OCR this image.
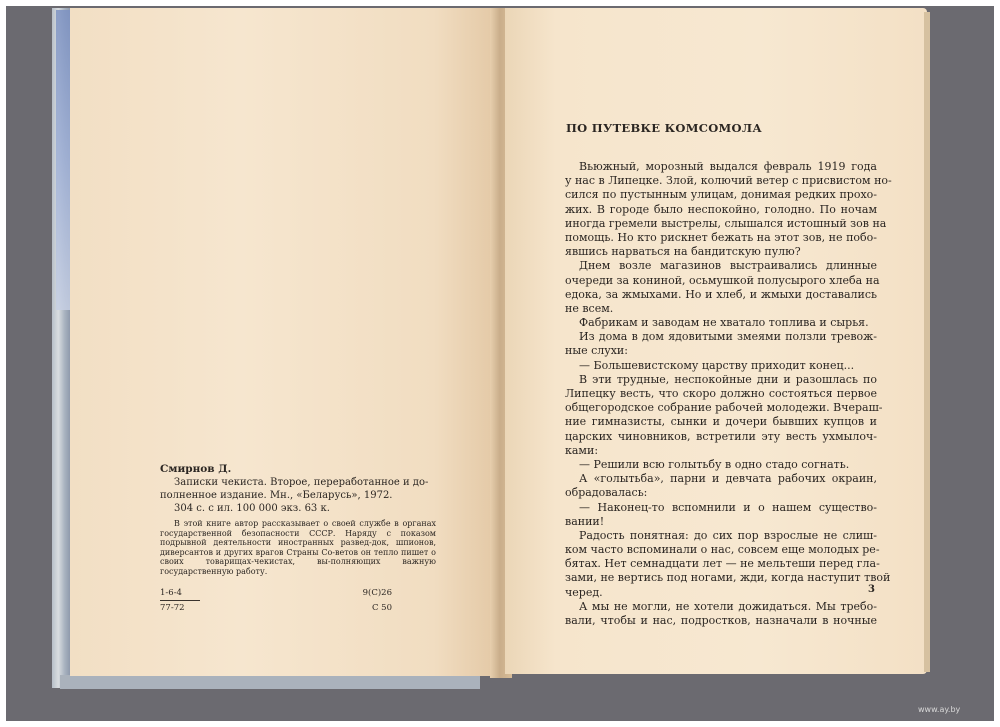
Смирнов Д.

Записки чекиста. Второе, переработанное и до-

полненное издание. Мн., «Беларусь», 1972.

304 с. с ил. 100 000 экз. 63 к.

В этой книге автор рассказывает о своей службе в органах государственной безопасности СССР. Наряду с показом подрывной деятельности иностранных развед-док, шпионов, диверсантов и других врагов Страны Со-ветов он тепло пишет о своих товарищах-чекистах, вы-полняющих важную государственную работу.

1-6-4	9(С)26
77-72	С 50
ПО ПУТЕВКЕ КОМСОМОЛА
Вьюжный, морозный выдался февраль 1919 года
у нас в Липецке. Злой, колючий ветер с присвистом но-
сился по пустынным улицам, донимая редких прохо-
жих. В городе было неспокойно, голодно. По ночам
иногда гремели выстрелы, слышался истошный зов на
помощь. Но кто рискнет бежать на этот зов, не побо-
явшись нарваться на бандитскую пулю?
Днем возле магазинов выстраивались длинные
очереди за кониной, осьмушкой полусырого хлеба на
едока, за жмыхами. Но и хлеб, и жмыхи доставались
не всем.
Фабрикам и заводам не хватало топлива и сырья.
Из дома в дом ядовитыми змеями ползли тревож-
ные слухи:
— Большевистскому царству приходит конец...
В эти трудные, неспокойные дни и разошлась по
Липецку весть, что скоро должно состояться первое
общегородское собрание рабочей молодежи. Вчераш-
ние гимназисты, сынки и дочери бывших купцов и
царских чиновников, встретили эту весть ухмылоч-
ками:
— Решили всю голытьбу в одно стадо согнать.
А «голытьба», парни и девчата рабочих окраин,
обрадовалась:
— Наконец-то вспомнили и о нашем существо-
вании!
Радость понятная: до сих пор взрослые не слиш-
ком часто вспоминали о нас, совсем еще молодых ре-
бятах. Нет семнадцати лет — не мельтеши перед гла-
зами, не вертись под ногами, жди, когда наступит твой
черед.
А мы не могли, не хотели дожидаться. Мы требо-
вали, чтобы и нас, подростков, назначали в ночные
3
www.ay.by
